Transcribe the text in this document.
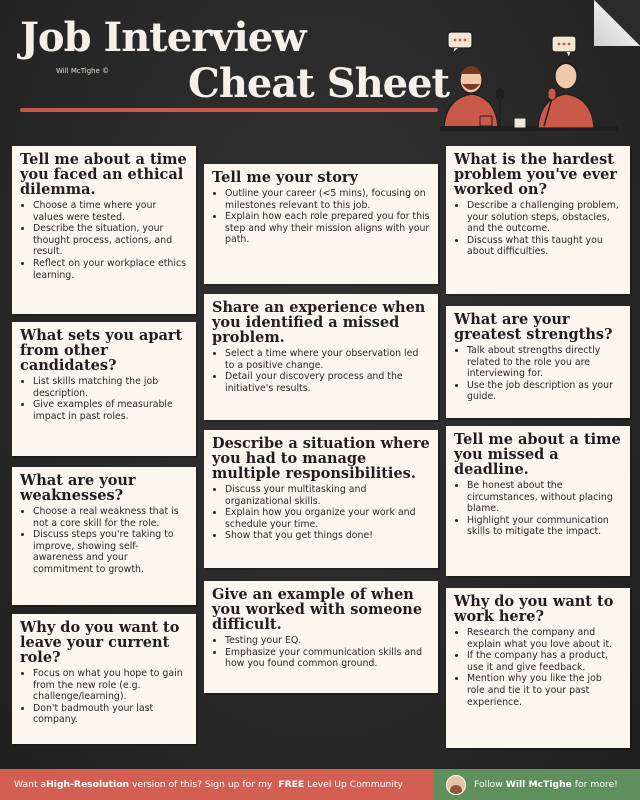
Job Interview
Will McTighe © Cheat Sheet
Tell me about a time you faced an ethical dilemma.
• Choose a time where your values were tested.
• Describe the situation, your thought process, actions, and result.
• Reflect on your workplace ethics learning.
What sets you apart from other candidates?
• List skills matching the job description.
• Give examples of measurable impact in past roles.
What are your weaknesses?
• Choose a real weakness that is not a core skill for the role.
• Discuss steps you're taking to improve, showing self-awareness and your commitment to growth.
Why do you want to leave your current role?
• Focus on what you hope to gain from the new role (e.g. challenge/learning).
• Don't badmouth your last company.
Tell me your story
• Outline your career (<5 mins), focusing on milestones relevant to this job.
• Explain how each role prepared you for this step and why their mission aligns with your path.
Share an experience when you identified a missed problem.
• Select a time where your observation led to a positive change.
• Detail your discovery process and the initiative's results.
Describe a situation where you had to manage multiple responsibilities.
• Discuss your multitasking and organizational skills.
• Explain how you organize your work and schedule your time.
• Show that you get things done!
Give an example of when you worked with someone difficult.
• Testing your EQ.
• Emphasize your communication skills and how you found common ground.
What is the hardest problem you've ever worked on?
• Describe a challenging problem, your solution steps, obstacles, and the outcome.
• Discuss what this taught you about difficulties.
What are your greatest strengths?
• Talk about strengths directly related to the role you are interviewing for.
• Use the job description as your guide.
Tell me about a time you missed a deadline.
• Be honest about the circumstances, without placing blame.
• Highlight your communication skills to mitigate the impact.
Why do you want to work here?
• Research the company and explain what you love about it.
• If the company has a product, use it and give feedback.
• Mention why you like the job role and tie it to your past experience.
Want a High-Resolution version of this? Sign up for my FREE Level Up Community	Follow Will McTighe for more!
